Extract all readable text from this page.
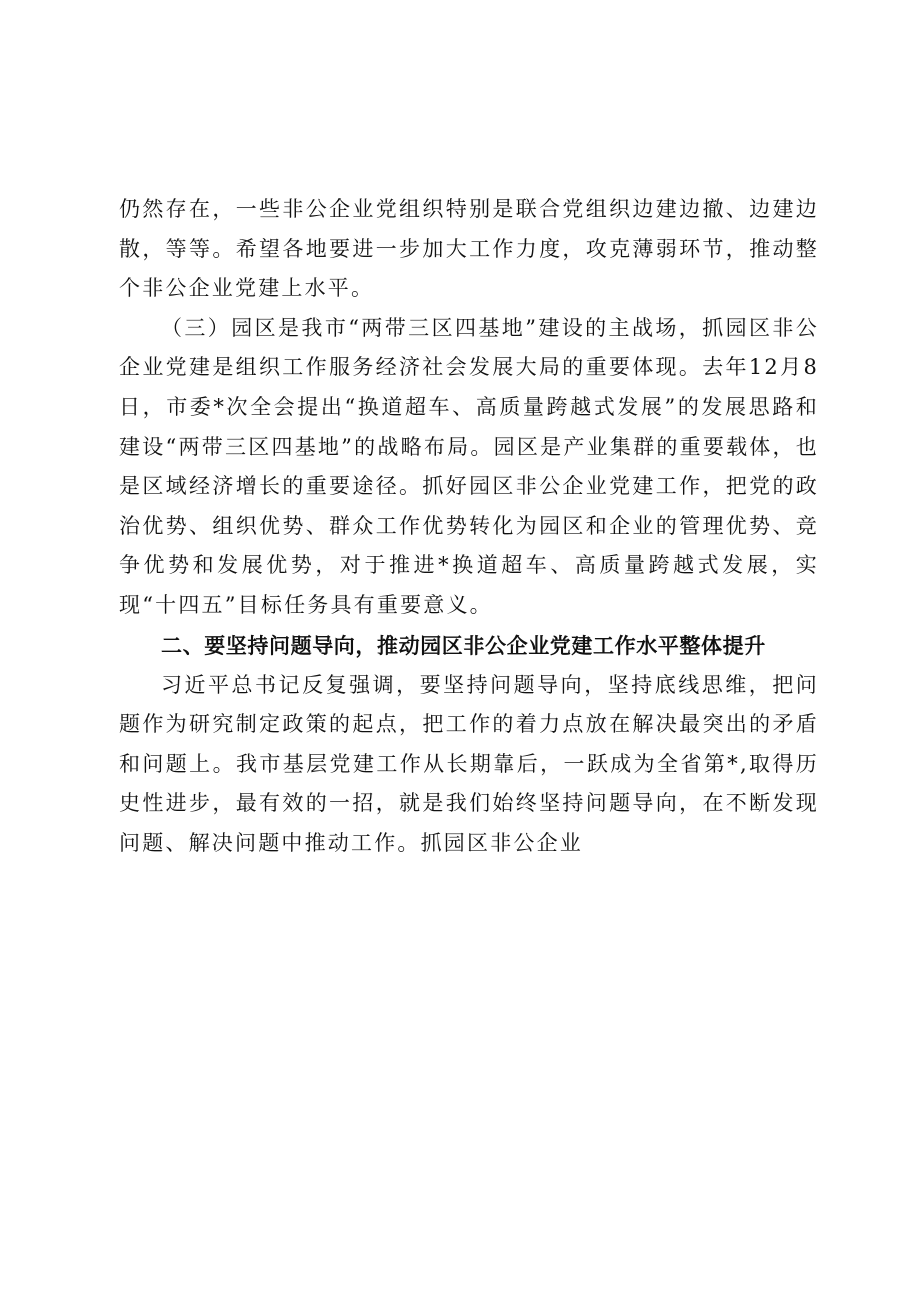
仍然存在，一些非公企业党组织特别是联合党组织边建边撤、边建边散，等等。希望各地要进一步加大工作力度，攻克薄弱环节，推动整个非公企业党建上水平。

（三）园区是我市“两带三区四基地”建设的主战场，抓园区非公企业党建是组织工作服务经济社会发展大局的重要体现。去年12月8日，市委*次全会提出“换道超车、高质量跨越式发展”的发展思路和建设“两带三区四基地”的战略布局。园区是产业集群的重要载体，也是区域经济增长的重要途径。抓好园区非公企业党建工作，把党的政治优势、组织优势、群众工作优势转化为园区和企业的管理优势、竞争优势和发展优势，对于推进*换道超车、高质量跨越式发展，实现“十四五”目标任务具有重要意义。

二、要坚持问题导向，推动园区非公企业党建工作水平整体提升

习近平总书记反复强调，要坚持问题导向，坚持底线思维，把问题作为研究制定政策的起点，把工作的着力点放在解决最突出的矛盾和问题上。我市基层党建工作从长期靠后，一跃成为全省第*,取得历史性进步，最有效的一招，就是我们始终坚持问题导向，在不断发现问题、解决问题中推动工作。抓园区非公企业
